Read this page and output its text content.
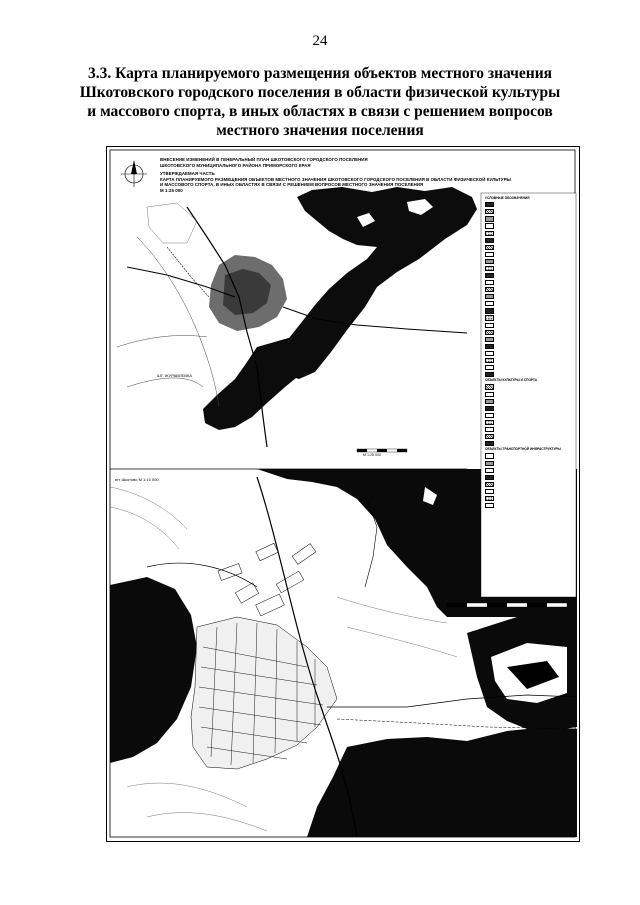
24
3.3. Карта планируемого размещения объектов местного значения
Шкотовского городского поселения в области физической культуры
и массового спорта, в иных областях в связи с решением вопросов
местного значения поселения
ВНЕСЕНИЕ ИЗМЕНЕНИЙ В ГЕНЕРАЛЬНЫЙ ПЛАН ШКОТОВСКОГО ГОРОДСКОГО ПОСЕЛЕНИЯ
ШКОТОВСКОГО МУНИЦИПАЛЬНОГО РАЙОНА ПРИМОРСКОГО КРАЯ
УТВЕРЖДАЕМАЯ ЧАСТЬ
КАРТА ПЛАНИРУЕМОГО РАЗМЕЩЕНИЯ ОБЪЕКТОВ МЕСТНОГО ЗНАЧЕНИЯ ШКОТОВСКОГО ГОРОДСКОГО ПОСЕЛЕНИЯ В ОБЛАСТИ ФИЗИЧЕСКОЙ КУЛЬТУРЫ
И МАССОВОГО СПОРТА, В ИНЫХ ОБЛАСТЯХ В СВЯЗИ С РЕШЕНИЕМ ВОПРОСОВ МЕСТНОГО ЗНАЧЕНИЯ ПОСЕЛЕНИЯ
М 1:25 000
ЗАЛИВ
ШТ. ЖУРАВЛЕВКА
пгт Шкотово М 1:10 000
М 1:25 000
УСЛОВНЫЕ ОБОЗНАЧЕНИЯ
ОБЪЕКТЫ КУЛЬТУРЫ И СПОРТА
ОБЪЕКТЫ ТРАНСПОРТНОЙ ИНФРАСТРУКТУРЫ
